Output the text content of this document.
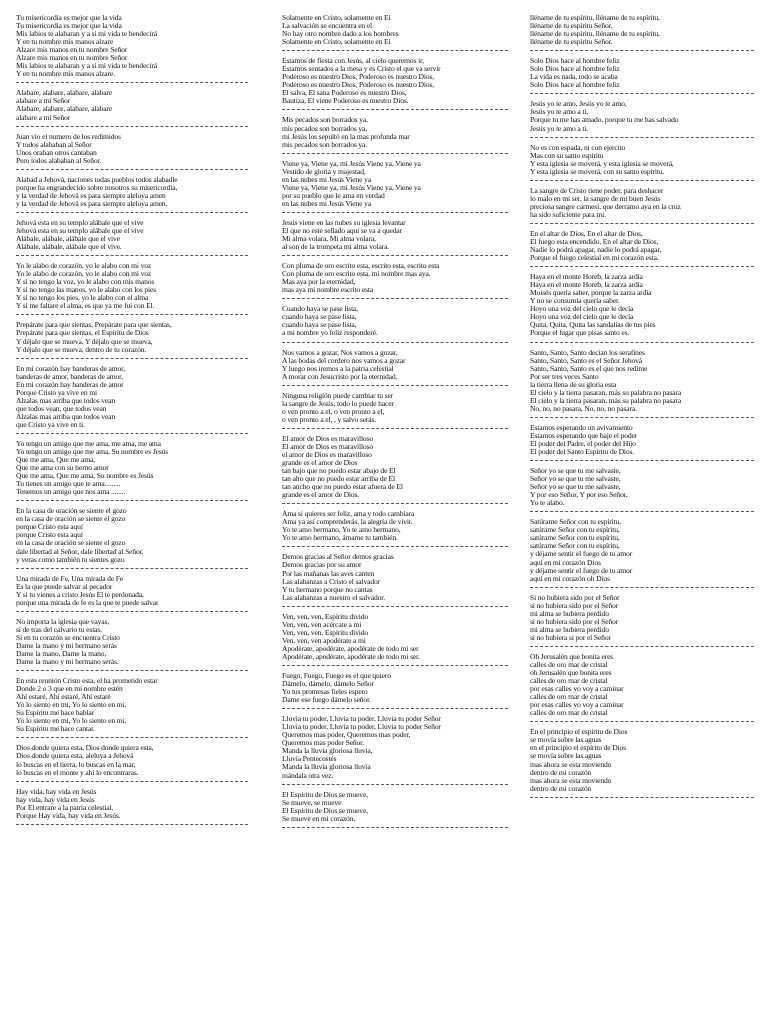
Tu misericordia es mejor que la vida
Tu misericordia es mejor que la vida
Mis labios te alabaran y a si mi vida te bendecirá
Y en tu nombre mis manos alzare
Alzare mis manos en tu nombre Señor
Alzare mis manos en tu nombre Señor
Mis labios te alabaran y a si mi vida te bendecirá
Y en tu nombre mis manos alzare.
Alabare, alabare, alabare, alabare
alabare a mi Señor
Alabare, alabare, alabare, alabare
alabare a mi Señor
Juan vio el numero de los redimidos
Y todos alababan al Señor
Unos oraban otros cantaban
Pero todos alababan al Señor.
Alabad a Jehová, naciones todas pueblos todos alabadle
porque ha engrandecido sobre nosotros su misericordia,
y la verdad de Jehová es para siempre aleluya amen
y la verdad de Jehová es para siempre aleluya amen.
Jehová esta en su templo alábale que el vive
Jehová esta en su templo alábale que el vive
Alábale, alábale, alábale que el vive
Alábale, alábale, alábale que el vive.
Yo le alabo de corazón, yo le alabo con mi voz
Yo le alabo de corazón, yo le alabo con mi voz
Y si no tengo la voz, yo le alabo con mis manos
Y si no tengo las manos, yo le alabo con los pies
Y si no tengo los pies, yo le alabo con el alma
Y si me faltare el alma, es que ya me fui con El.
Prepárate para que sientas, Prepárate para que sientas,
Prepárate para que sientas, el Espíritu de Dios
Y déjalo que se mueva, Y déjalo que se mueva,
Y déjalo que se mueva, dentro de tu corazón.
En mi corazón hay banderas de amor,
banderas de amor, banderas de amor,
En mi corazón hay banderas de amor
Porque Cristo ya vive en mi
Alzalas mas arriba que todos vean
que todos vean, que todos vean
Alzalas mas arriba que todos vean
que Cristo ya vive en ti.
Yo tengo un amigo que me ama, me ama, me ama
Yo tengo un amigo que me ama, Su nombre es Jesús
Que me ama, Que me ama,
Que me ama con su tierno amor
Que me ama, Que me ama, Su nombre es Jesús
Tu tienes un amigo que te ama.........
Tenemos un amigo que nos ama ........
En la casa de oración se siente el gozo
en la casa de oración se siente el gozo
porque Cristo esta aquí
porque Cristo esta aquí
en la casa de oración se siente el gozo
dale libertad al Señor, dale libertad al Señor,
y veras como también tu sientes gozo
Una mirada de Fe, Una mirada de Fe
Es la que puede salvar al pecador
Y si tu vienes a cristo Jesús El te perdonada,
porque una mirada de fe es la que te puede salvar
No importa la iglesia que vayas,
si de tras del calvario tu estas,
Si en tu corazón se encuentra Cristo
Dame la mano y mi hermano serás
Dame la mano, Dame la mano,
Dame la mano y mi hermano serás.
En esta reunión Cristo esta, el ha prometido estar
Donde 2 o 3 que en mi nombre estén
Ahí estaré, Ahí estaré, Ahí estaré
Yo lo siento en mi, Yo lo siento en mi,
Su Espíritu me hace hablar
Yo lo siento en mi, Yo lo siento en mi,
Su Espíritu me hace cantar.
Dios donde quiera esta, Dios donde quiera esta,
Dios donde quiera esta, aleluya a Jehová
lo buscas en el tierra, lo buscas en la mar,
lo buscas en el monte y ahí lo encontraras.
Hay vida, hay vida en Jesús
hay vida, hay vida en Jesús
Por El entrare a la patria celestial,
Porque Hay vida, hay vida en Jesús.
Solamente en Cristo, solamente en El
La salvación se encuentra en el
No hay otro nombre dado a los hombres
Solamente en Cristo, solamente en El
Estamos de fiesta con Jesús, al cielo queremos ir,
Estamos sentados a la mesa y es Cristo el que va servir
Poderoso es nuestro Dios, Poderoso es nuestro Dios,
Poderoso es nuestro Dios, Poderoso es nuestro Dios,
El salva, El sana Poderoso es nuestro Dios,
Bautiza, El viene Poderoso es nuestro Dios.
Mis pecados son borrados ya,
mis pecados son borrados ya,
mi Jesús los sepultó en la mas profunda mar
mis pecados son borrados ya.
Viene ya, Viene ya, mi Jesús Viene ya, Viene ya
Vestido de gloria y majestad,
en las nubes mi Jesús Viene ya
Viene ya, Viene ya, mi Jesús Viene ya, Viene ya
por su pueblo que le ama en verdad
en las nubes mi Jesús Viene ya
Jesús viene en las nubes su iglesia levantar
El que no este sellado aquí se va a quedar
Mi alma volara, Mi alma volara,
al son de la trompeta mi alma volara.
Con pluma de oro escrito esta, escrito esta, escrito esta
Con pluma de oro escrito esta, mi nombre mas aya.
Mas aya por la eternidad,
mas aya mi nombre escrito esta
Cuando haya se pase lista,
cuando haya se pase lista,
cuando haya se pase lista,
a mi nombre yo feliz responderé.
Nos vamos a gozar, Nos vamos a gozar,
A las bodas del cordero nos vamos a gozar
Y luego nos iremos a la patria celestial
A morar con Jesucristo por la eternidad.
Ninguna religión puede cambiar tu ser
la sangre de Jesús, todo lo puede hacer
o ven pronto a el, o ven pronto a el,
o ven pronto a el, , y salvo serás.
El amor de Dios es maravilloso
El amor de Dios es maravilloso
el amor de Dios es maravilloso
grande es el amor de Dios
tan bajo que no puedo estar abajo de El
tan alto que no puedo estar arriba de El
tan ancho que no puedo estar afuera de El
grande es el amor de Dios.
Ama si quieres ser feliz, ama y todo cambiara
Ama ya así comprenderás, la alegría de vivir.
Yo te amo hermano, Yo te amo hermano,
Yo te amo hermano, ámame tu también.
Demos gracias al Señor demos gracias
Demos gracias por su amor
Por las mañanas las aves canten
Las alabanzas a Cristo el salvador
Y tu hermano porque no cantas
Las alabanzas a nuestro el salvador.
Ven, ven, ven, Espíritu divido
Ven, ven, ven acércate a mi
Ven, ven, ven, Espíritu divido
Ven, ven, ven apodérate a mi
Apodérate, apodérate, apodérate de todo mi ser
Apodérate, apodérate, apodérate de todo mi ser.
Fuego, Fuego, Fuego es el que quiero
Dámelo, dámelo, dámelo Señor
Yo tus promesas fieles espero
Dame ese fuego dámelo señor.
Lluvia tu poder, Lluvia tu poder, Lluvia tu poder Señor
Lluvia tu poder, Lluvia tu poder, Lluvia tu poder Señor
Queremos mas poder, Queremos mas poder,
Queremos mas poder Señor.
Manda la lluvia gloriosa lluvia,
Lluvia Pentecostés
Manda la lluvia gloriosa lluvia
mándala otra vez.
El Espíritu de Dios se mueve,
Se mueve, se mueve
El Espíritu de Dios se mueve,
Se mueve en mi corazón.
lléname de tu espíritu, lléname de tu espíritu,
lléname de tu espíritu Señor,
lléname de tu espíritu, lléname de tu espíritu,
lléname de tu espíritu Señor.
Solo Dios hace al hombre feliz
Solo Dios hace al hombre feliz
La vida es nada, todo se acaba
Solo Dios hace al hombre feliz
Jesús yo te amo, Jesús yo te amo,
Jesús yo te amo a ti,
Porque tu me has amado, porque tu me has salvado
Jesús yo te amo a ti.
No es con espada, ni con ejercito
Mas con su santo espíritu
Y esta iglesia se moverá, y esta iglesia se moverá,
Y esta iglesia se moverá, con su santo espíritu.
La sangre de Cristo tiene poder, para deshacer
lo malo en mi ser, la sangre de mi buen Jesús
preciosa sangre carmesí, que derramo aya en la cruz
ha sido suficiente para mi.
En el altar de Dios, En el altar de Dios,
El fuego esta encendido, En el altar de Dios,
Nadie lo podrá apagar, nadie lo podrá apagar,
Porque el fuego celestial en mi corazón esta.
Haya en el monte Horeb, la zarza ardía
Haya en el monte Horeb, la zarza ardía
Moisés quería saber, porque la zarza ardía
Y no se consumía quería saber.
Hoyo una voz del cielo que le decía
Hoyo una voz del cielo que le decía
Quita, Quita, Quita las sandalias de tus pies
Porque el lugar que pisas santo es.
Santo, Santo, Santo decían los serafines
Santo, Santo, Santo es el Señor Jehová
Santo, Santo, Santo es el que nos redime
Por ser tres veces Santo
la tierra llena de su gloria esta
El cielo y la tierra pasaran, más su palabra no pasara
El cielo y la tierra pasaran, más su palabra no pasara
No, no, no pasara, No, no, no pasara.
Estamos esperando un avivamiento
Estamos esperando que baje el poder
El poder del Padre, el poder del Hijo
El poder del Santo Espíritu de Dios.
Señor yo se que tu me salvaste,
Señor yo se que tu me salvaste,
Señor yo se que tu me salvaste,
Y por eso Señor, Y por eso Señor,
Yo te alabo.
Satúrame Señor con tu espíritu,
satúrame Señor con tu espíritu,
satúrame Señor con tu espíritu,
satúrame Señor con tu espíritu,
y déjame sentir el fuego de tu amor
aquí en mi corazón Dios
y déjame sentir el fuego de tu amor
aquí en mi corazón oh Dios
Si no hubiera sido por el Señor
si no hubiera sido por el Señor
mi alma se hubiera perdido
si no hubiera sido por el Señor
mi alma se hubiera perdido
si no hubiera si por el Señor
Oh Jerusalén que bonita eres
calles de oro mar de cristal
oh Jerusalén que bonita eres
calles de oro mar de cristal
por esas calles yo voy a caminar
calles de oro mar de cristal
por esas calles yo voy a caminar
calles de oro mar de cristal
En el principio el espíritu de Dios
se movía sobre las aguas
en el principio el espíritu de Dios
se movía sobre las aguas
mas ahora se esta moviendo
dentro de mi corazón
mas ahora se esta moviendo
dentro de mi corazón
